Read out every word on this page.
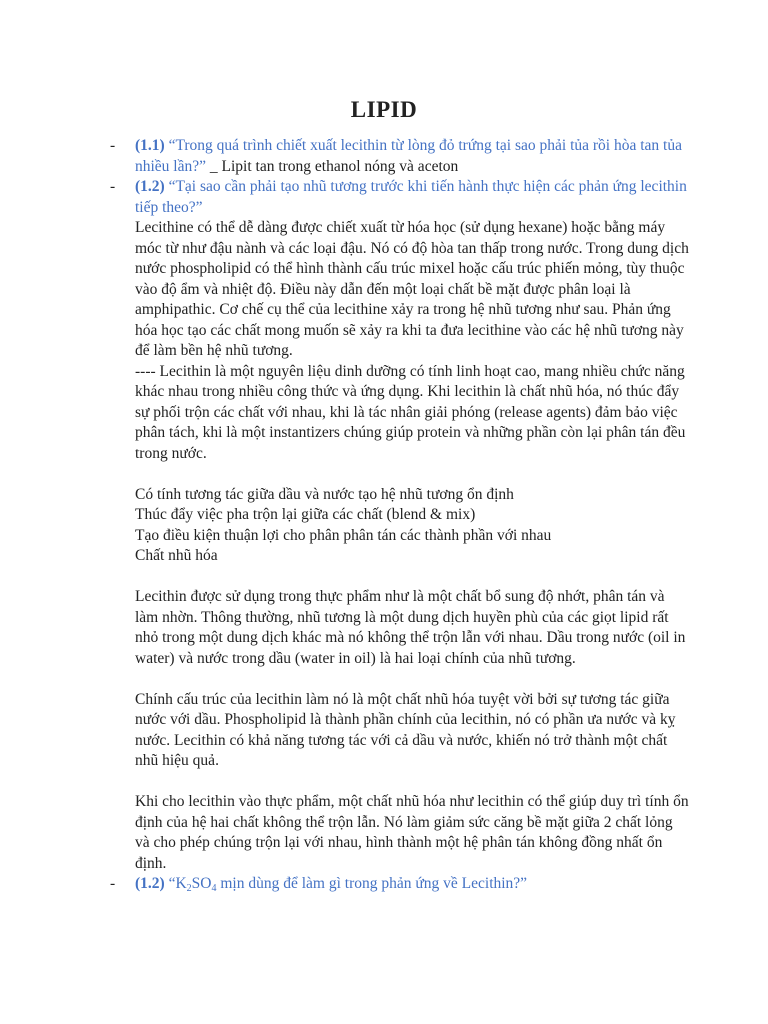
LIPID
- (1.1) “Trong quá trình chiết xuất lecithin từ lòng đỏ trứng tại sao phải tủa rồi hòa tan tủa nhiều lần?” _ Lipit tan trong ethanol nóng và aceton
- (1.2) “Tại sao cần phải tạo nhũ tương trước khi tiến hành thực hiện các phản ứng lecithin tiếp theo?”

Lecithine có thể dễ dàng được chiết xuất từ hóa học (sử dụng hexane) hoặc bằng máy móc từ như đậu nành và các loại đậu. Nó có độ hòa tan thấp trong nước. Trong dung dịch nước phospholipid có thể hình thành cấu trúc mixel hoặc cấu trúc phiến mỏng, tùy thuộc vào độ ẩm và nhiệt độ. Điều này dẫn đến một loại chất bề mặt được phân loại là amphipathic. Cơ chế cụ thể của lecithine xảy ra trong hệ nhũ tương như sau. Phản ứng hóa học tạo các chất mong muốn sẽ xảy ra khi ta đưa lecithine vào các hệ nhũ tương này để làm bền hệ nhũ tương.

---- Lecithin là một nguyên liệu dinh dưỡng có tính linh hoạt cao, mang nhiều chức năng khác nhau trong nhiều công thức và ứng dụng. Khi lecithin là chất nhũ hóa, nó thúc đẩy sự phối trộn các chất với nhau, khi là tác nhân giải phóng (release agents) đảm bảo việc phân tách, khi là một instantizers chúng giúp protein và những phần còn lại phân tán đều trong nước.

Có tính tương tác giữa dầu và nước tạo hệ nhũ tương ổn định

Thúc đẩy việc pha trộn lại giữa các chất (blend & mix)

Tạo điều kiện thuận lợi cho phân phân tán các thành phần với nhau

Chất nhũ hóa

Lecithin được sử dụng trong thực phẩm như là một chất bổ sung độ nhớt, phân tán và làm nhờn. Thông thường, nhũ tương là một dung dịch huyền phù của các giọt lipid rất nhỏ trong một dung dịch khác mà nó không thể trộn lẫn với nhau. Dầu trong nước (oil in water) và nước trong dầu (water in oil) là hai loại chính của nhũ tương.

Chính cấu trúc của lecithin làm nó là một chất nhũ hóa tuyệt vời bởi sự tương tác giữa nước với dầu. Phospholipid là thành phần chính của lecithin, nó có phần ưa nước và kỵ nước. Lecithin có khả năng tương tác với cả dầu và nước, khiến nó trở thành một chất nhũ hiệu quả.

Khi cho lecithin vào thực phẩm, một chất nhũ hóa như lecithin có thể giúp duy trì tính ổn định của hệ hai chất không thể trộn lẫn. Nó làm giảm sức căng bề mặt giữa 2 chất lỏng và cho phép chúng trộn lại với nhau, hình thành một hệ phân tán không đồng nhất ổn định.

- (1.2) “$K_2SO_4$ mịn dùng để làm gì trong phản ứng về Lecithin?”
